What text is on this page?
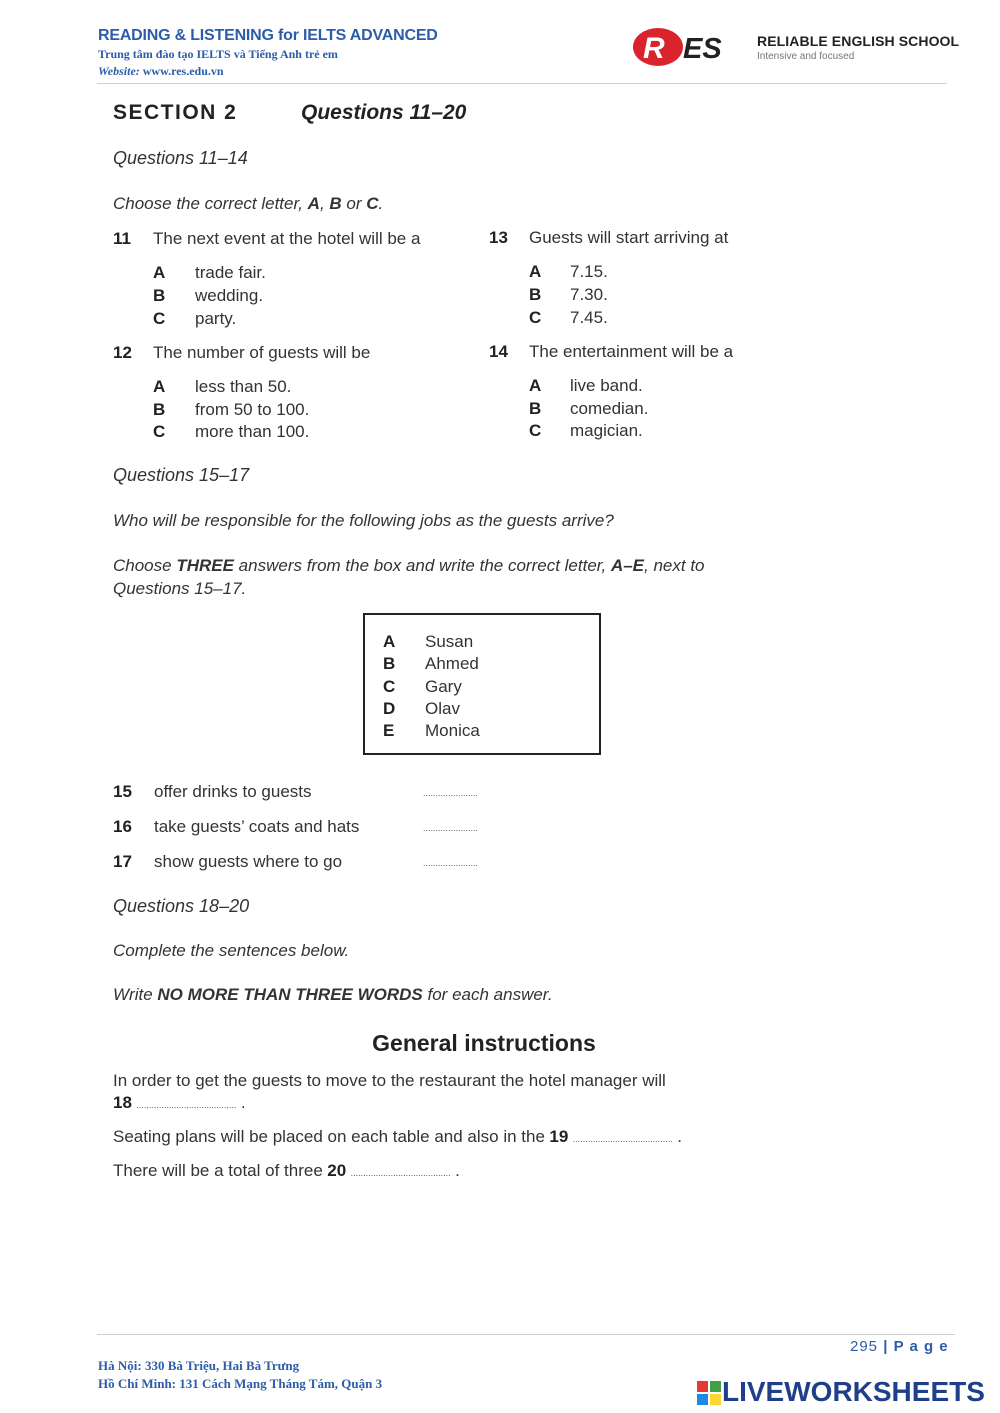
READING & LISTENING for IELTS ADVANCED
Trung tâm đào tạo IELTS và Tiếng Anh trẻ em
Website: www.res.edu.vn
R ES	RELIABLE ENGLISH SCHOOL
Intensive and focused
SECTION 2	Questions 11–20
Questions 11–14
Choose the correct letter, A, B or C.
11 The next event at the hotel will be a
A trade fair.
B wedding.
C party.
12 The number of guests will be
A less than 50.
B from 50 to 100.
C more than 100.
13 Guests will start arriving at
A 7.15.
B 7.30.
C 7.45.
14 The entertainment will be a
A live band.
B comedian.
C magician.
Questions 15–17
Who will be responsible for the following jobs as the guests arrive?
Choose THREE answers from the box and write the correct letter, A–E, next to
Questions 15–17.
A Susan
B Ahmed
C Gary
D Olav
E Monica
15 offer drinks to guests	......................
16 take guests’ coats and hats	......................
17 show guests where to go	......................
Questions 18–20
Complete the sentences below.
Write NO MORE THAN THREE WORDS for each answer.
General instructions
In order to get the guests to move to the restaurant the hotel manager will
18 ........................................ .
Seating plans will be placed on each table and also in the 19 ........................................ .
There will be a total of three 20 ........................................ .
295 | P a g e
Hà Nội: 330 Bà Triệu, Hai Bà Trưng
Hồ Chí Minh: 131 Cách Mạng Tháng Tám, Quận 3	LIVEWORKSHEETS
